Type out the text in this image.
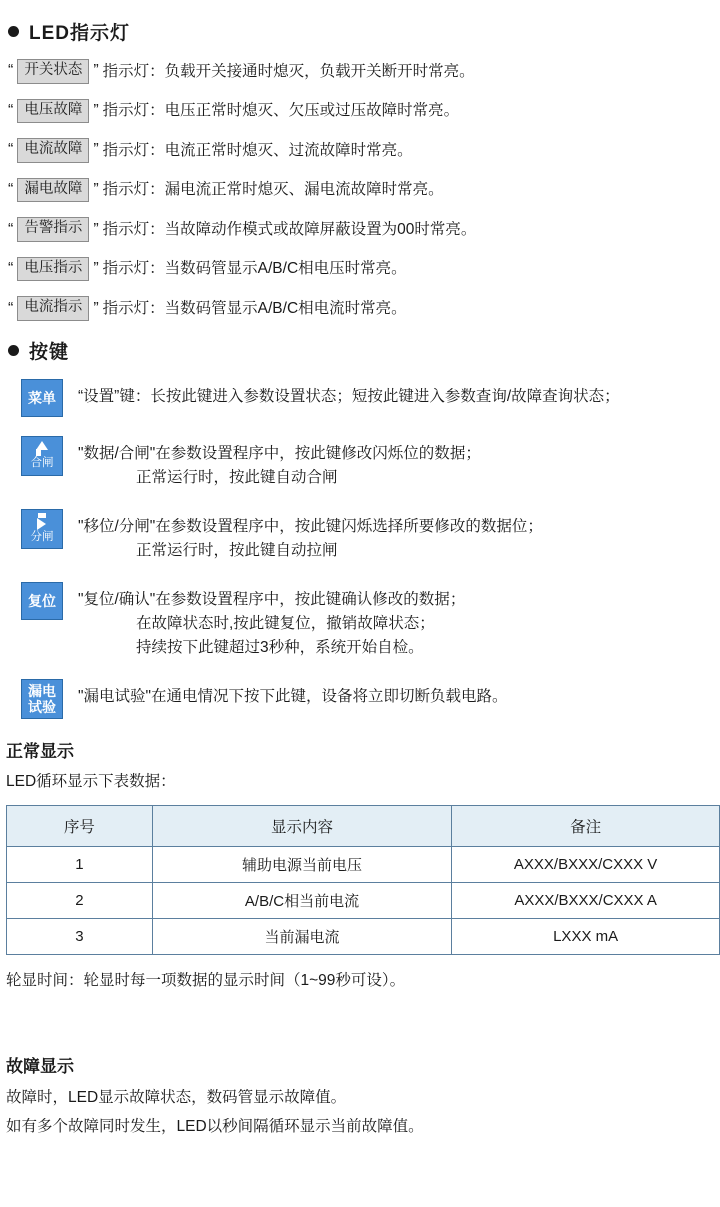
LED指示灯
“ 开关状态 ” 指示灯：负载开关接通时熄灭，负载开关断开时常亮。
“ 电压故障 ” 指示灯：电压正常时熄灭、欠压或过压故障时常亮。
“ 电流故障 ” 指示灯：电流正常时熄灭、过流故障时常亮。
“ 漏电故障 ” 指示灯：漏电流正常时熄灭、漏电流故障时常亮。
“ 告警指示 ” 指示灯：当故障动作模式或故障屏蔽设置为00时常亮。
“ 电压指示 ” 指示灯：当数码管显示A/B/C相电压时常亮。
“ 电流指示 ” 指示灯：当数码管显示A/B/C相电流时常亮。
按键
菜单 “设置”键：长按此键进入参数设置状态；短按此键进入参数查询/故障查询状态；
合闸
"数据/合闸"在参数设置程序中，按此键修改闪烁位的数据；
正常运行时，按此键自动合闸
分闸
"移位/分闸"在参数设置程序中，按此键闪烁选择所要修改的数据位；
正常运行时，按此键自动拉闸
复位 "复位/确认"在参数设置程序中，按此键确认修改的数据；
在故障状态时,按此键复位，撤销故障状态；
持续按下此键超过3秒种，系统开始自检。
漏电
试验
"漏电试验"在通电情况下按下此键，设备将立即切断负载电路。
正常显示
LED循环显示下表数据：
序号	显示内容	备注
1	辅助电源当前电压	AXXX/BXXX/CXXX V
2	A/B/C相当前电流	AXXX/BXXX/CXXX A
3	当前漏电流	LXXX mA
轮显时间：轮显时每一项数据的显示时间（1~99秒可设）。
故障显示
故障时，LED显示故障状态，数码管显示故障值。
如有多个故障同时发生，LED以秒间隔循环显示当前故障值。
